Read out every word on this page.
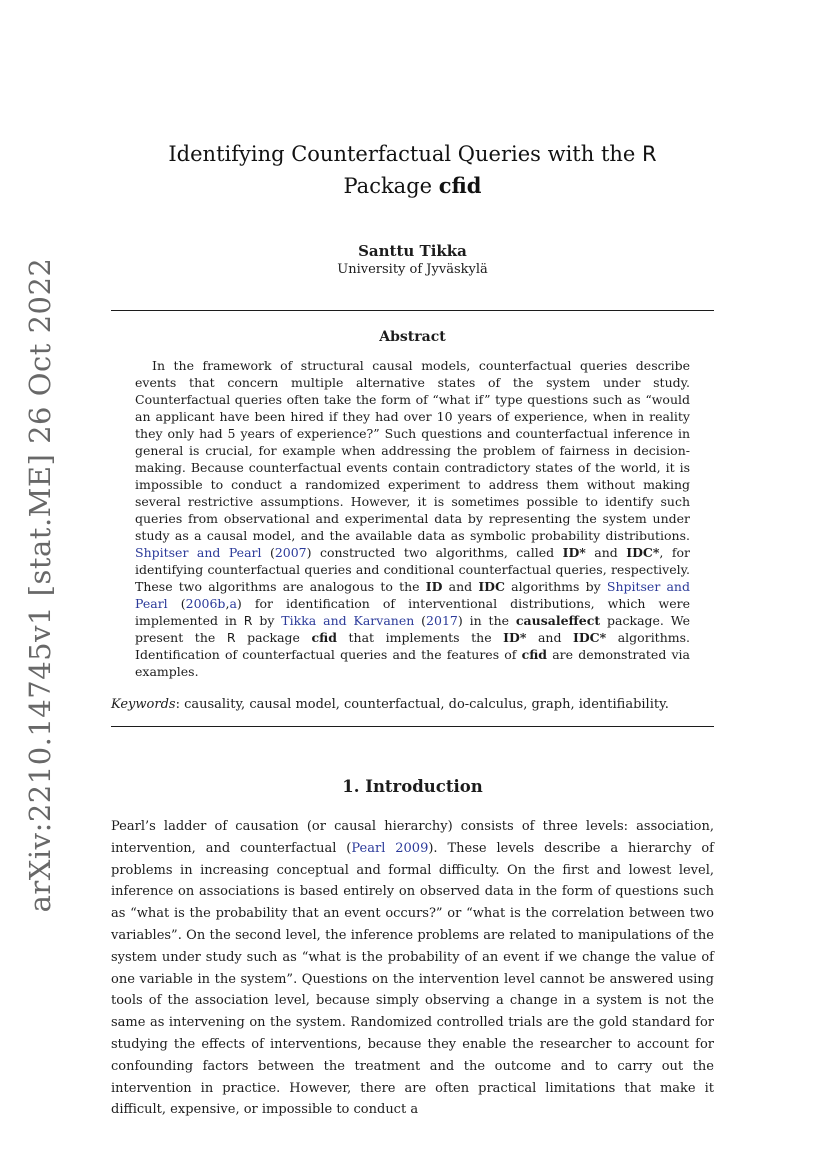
arXiv:2210.14745v1 [stat.ME] 26 Oct 2022
Identifying Counterfactual Queries with the R
Package cfid
Santtu Tikka
University of Jyväskylä
Abstract

In the framework of structural causal models, counterfactual queries describe events that concern multiple alternative states of the system under study. Counterfactual queries often take the form of “what if” type questions such as “would an applicant have been hired if they had over 10 years of experience, when in reality they only had 5 years of experience?” Such questions and counterfactual inference in general is crucial, for example when addressing the problem of fairness in decision-making. Because counterfactual events contain contradictory states of the world, it is impossible to conduct a randomized experiment to address them without making several restrictive assumptions. However, it is sometimes possible to identify such queries from observational and experimental data by representing the system under study as a causal model, and the available data as symbolic probability distributions. Shpitser and Pearl (2007) constructed two algorithms, called ID* and IDC*, for identifying counterfactual queries and conditional counterfactual queries, respectively. These two algorithms are analogous to the ID and IDC algorithms by Shpitser and Pearl (2006b,a) for identification of interventional distributions, which were implemented in R by Tikka and Karvanen (2017) in the causaleffect package. We present the R package cfid that implements the ID* and IDC* algorithms. Identification of counterfactual queries and the features of cfid are demonstrated via examples.

Keywords: causality, causal model, counterfactual, do-calculus, graph, identifiability.

1. Introduction

Pearl’s ladder of causation (or causal hierarchy) consists of three levels: association, intervention, and counterfactual (Pearl 2009). These levels describe a hierarchy of problems in increasing conceptual and formal difficulty. On the first and lowest level, inference on associations is based entirely on observed data in the form of questions such as “what is the probability that an event occurs?” or “what is the correlation between two variables”. On the second level, the inference problems are related to manipulations of the system under study such as “what is the probability of an event if we change the value of one variable in the system”. Questions on the intervention level cannot be answered using tools of the association level, because simply observing a change in a system is not the same as intervening on the system. Randomized controlled trials are the gold standard for studying the effects of interventions, because they enable the researcher to account for confounding factors between the treatment and the outcome and to carry out the intervention in practice. However, there are often practical limitations that make it difficult, expensive, or impossible to conduct a
